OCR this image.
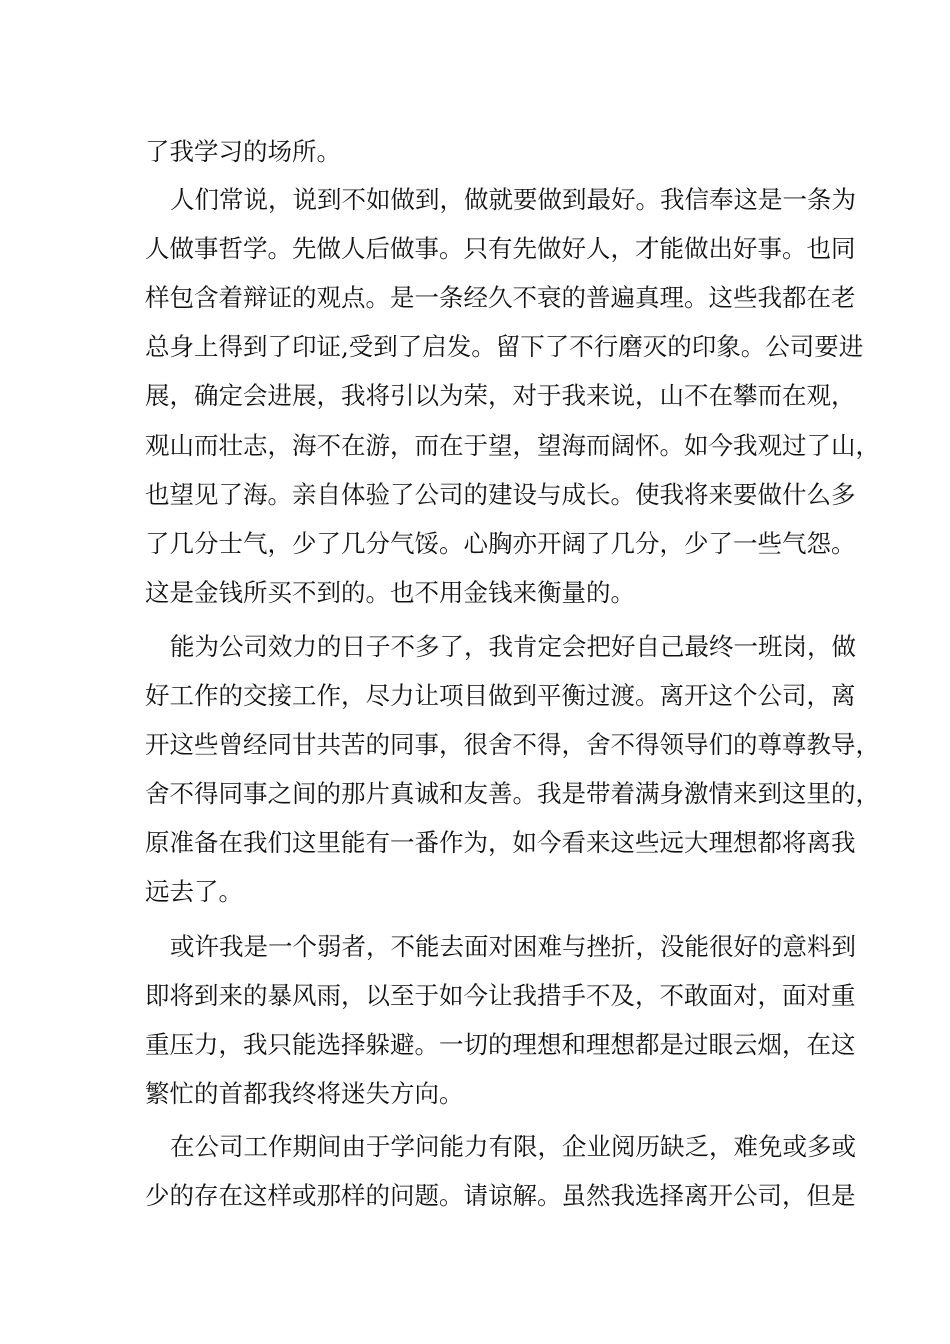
了我学习的场所。

人们常说，说到不如做到，做就要做到最好。我信奉这是一条为

人做事哲学。先做人后做事。只有先做好人，才能做出好事。也同

样包含着辩证的观点。是一条经久不衰的普遍真理。这些我都在老

总身上得到了印证,受到了启发。留下了不行磨灭的印象。公司要进

展，确定会进展，我将引以为荣，对于我来说，山不在攀而在观，

观山而壮志，海不在游，而在于望，望海而阔怀。如今我观过了山，

也望见了海。亲自体验了公司的建设与成长。使我将来要做什么多

了几分士气，少了几分气馁。心胸亦开阔了几分，少了一些气怨。

这是金钱所买不到的。也不用金钱来衡量的。

能为公司效力的日子不多了，我肯定会把好自己最终一班岗，做

好工作的交接工作，尽力让项目做到平衡过渡。离开这个公司，离

开这些曾经同甘共苦的同事，很舍不得，舍不得领导们的尊尊教导，

舍不得同事之间的那片真诚和友善。我是带着满身激情来到这里的，

原准备在我们这里能有一番作为，如今看来这些远大理想都将离我

远去了。

或许我是一个弱者，不能去面对困难与挫折，没能很好的意料到

即将到来的暴风雨，以至于如今让我措手不及，不敢面对，面对重

重压力，我只能选择躲避。一切的理想和理想都是过眼云烟，在这

繁忙的首都我终将迷失方向。

在公司工作期间由于学问能力有限，企业阅历缺乏，难免或多或

少的存在这样或那样的问题。请谅解。虽然我选择离开公司，但是
